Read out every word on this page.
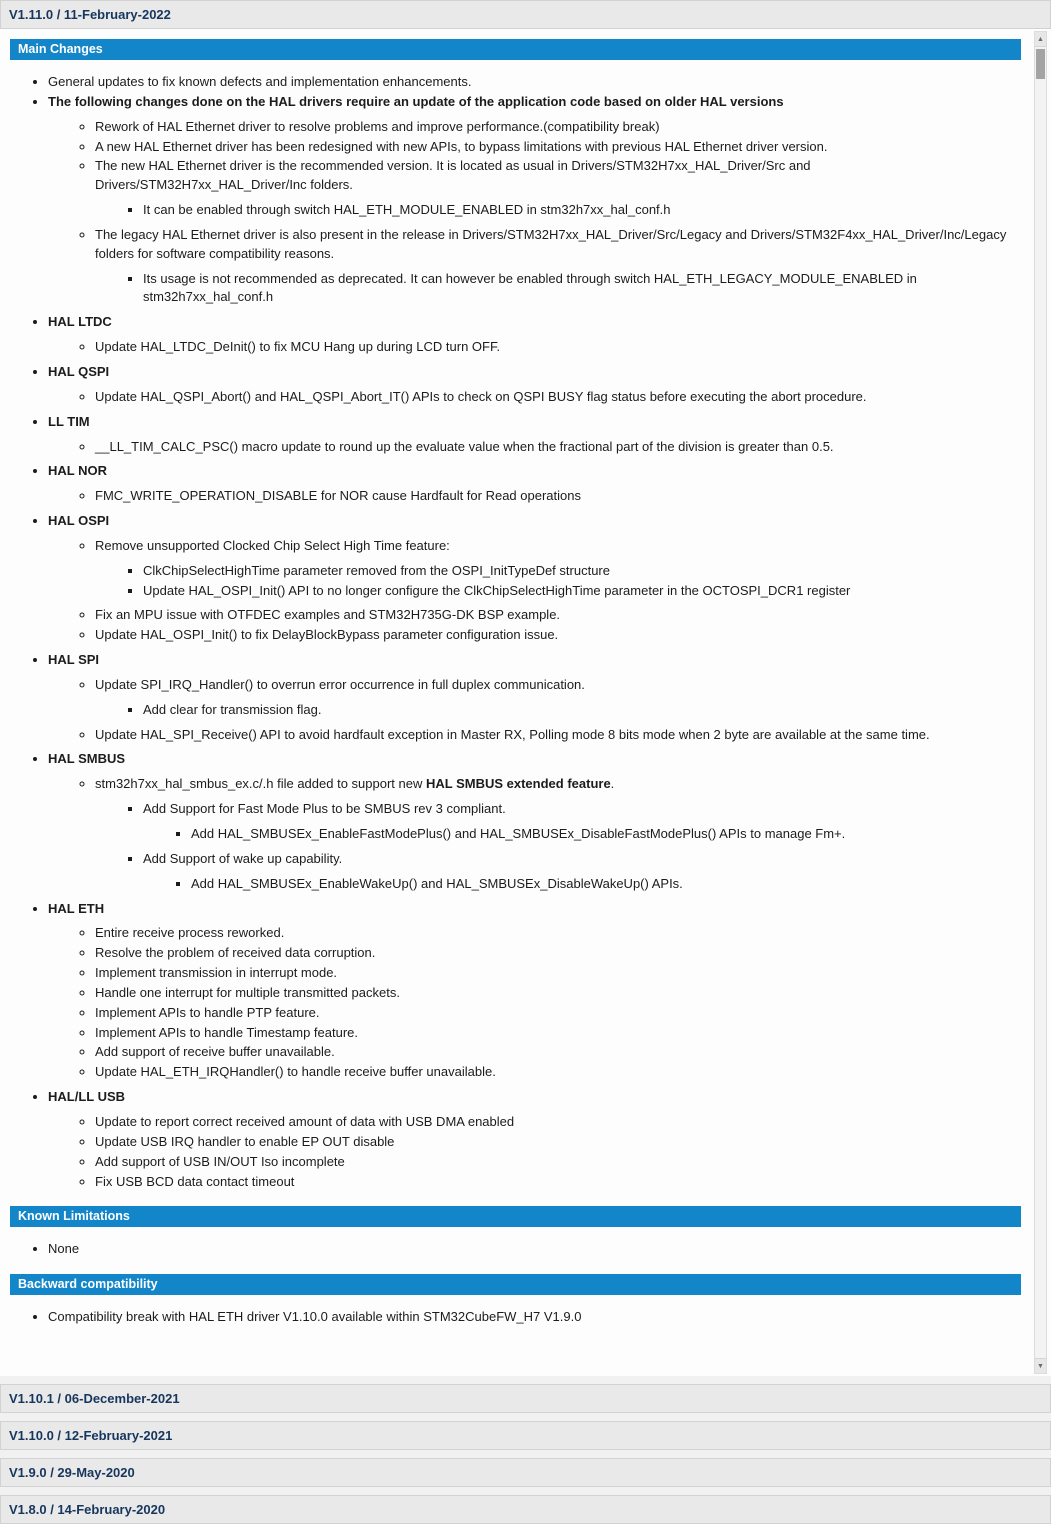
V1.11.0 / 11-February-2022
Main Changes
• General updates to fix known defects and implementation enhancements.
• The following changes done on the HAL drivers require an update of the application code based on older HAL versions
◦ Rework of HAL Ethernet driver to resolve problems and improve performance.(compatibility break)
◦ A new HAL Ethernet driver has been redesigned with new APIs, to bypass limitations with previous HAL Ethernet driver version.
◦ The new HAL Ethernet driver is the recommended version. It is located as usual in Drivers/STM32H7xx_HAL_Driver/Src and Drivers/STM32H7xx_HAL_Driver/Inc folders.
▪ It can be enabled through switch HAL_ETH_MODULE_ENABLED in stm32h7xx_hal_conf.h
◦ The legacy HAL Ethernet driver is also present in the release in Drivers/STM32H7xx_HAL_Driver/Src/Legacy and Drivers/STM32F4xx_HAL_Driver/Inc/Legacy folders for software compatibility reasons.
▪ Its usage is not recommended as deprecated. It can however be enabled through switch HAL_ETH_LEGACY_MODULE_ENABLED in stm32h7xx_hal_conf.h
• HAL LTDC
◦ Update HAL_LTDC_DeInit() to fix MCU Hang up during LCD turn OFF.
• HAL QSPI
◦ Update HAL_QSPI_Abort() and HAL_QSPI_Abort_IT() APIs to check on QSPI BUSY flag status before executing the abort procedure.
• LL TIM
◦ __LL_TIM_CALC_PSC() macro update to round up the evaluate value when the fractional part of the division is greater than 0.5.
• HAL NOR
◦ FMC_WRITE_OPERATION_DISABLE for NOR cause Hardfault for Read operations
• HAL OSPI
◦ Remove unsupported Clocked Chip Select High Time feature:
▪ ClkChipSelectHighTime parameter removed from the OSPI_InitTypeDef structure
▪ Update HAL_OSPI_Init() API to no longer configure the ClkChipSelectHighTime parameter in the OCTOSPI_DCR1 register
◦ Fix an MPU issue with OTFDEC examples and STM32H735G-DK BSP example.
◦ Update HAL_OSPI_Init() to fix DelayBlockBypass parameter configuration issue.
• HAL SPI
◦ Update SPI_IRQ_Handler() to overrun error occurrence in full duplex communication.
▪ Add clear for transmission flag.
◦ Update HAL_SPI_Receive() API to avoid hardfault exception in Master RX, Polling mode 8 bits mode when 2 byte are available at the same time.
• HAL SMBUS
◦ stm32h7xx_hal_smbus_ex.c/.h file added to support new HAL SMBUS extended feature.
▪ Add Support for Fast Mode Plus to be SMBUS rev 3 compliant.
▪ Add HAL_SMBUSEx_EnableFastModePlus() and HAL_SMBUSEx_DisableFastModePlus() APIs to manage Fm+.
▪ Add Support of wake up capability.
▪ Add HAL_SMBUSEx_EnableWakeUp() and HAL_SMBUSEx_DisableWakeUp() APIs.
• HAL ETH
◦ Entire receive process reworked.
◦ Resolve the problem of received data corruption.
◦ Implement transmission in interrupt mode.
◦ Handle one interrupt for multiple transmitted packets.
◦ Implement APIs to handle PTP feature.
◦ Implement APIs to handle Timestamp feature.
◦ Add support of receive buffer unavailable.
◦ Update HAL_ETH_IRQHandler() to handle receive buffer unavailable.
• HAL/LL USB
◦ Update to report correct received amount of data with USB DMA enabled
◦ Update USB IRQ handler to enable EP OUT disable
◦ Add support of USB IN/OUT Iso incomplete
◦ Fix USB BCD data contact timeout
Known Limitations
• None
Backward compatibility
• Compatibility break with HAL ETH driver V1.10.0 available within STM32CubeFW_H7 V1.9.0
▲
▼
V1.10.1 / 06-December-2021
V1.10.0 / 12-February-2021
V1.9.0 / 29-May-2020
V1.8.0 / 14-February-2020
